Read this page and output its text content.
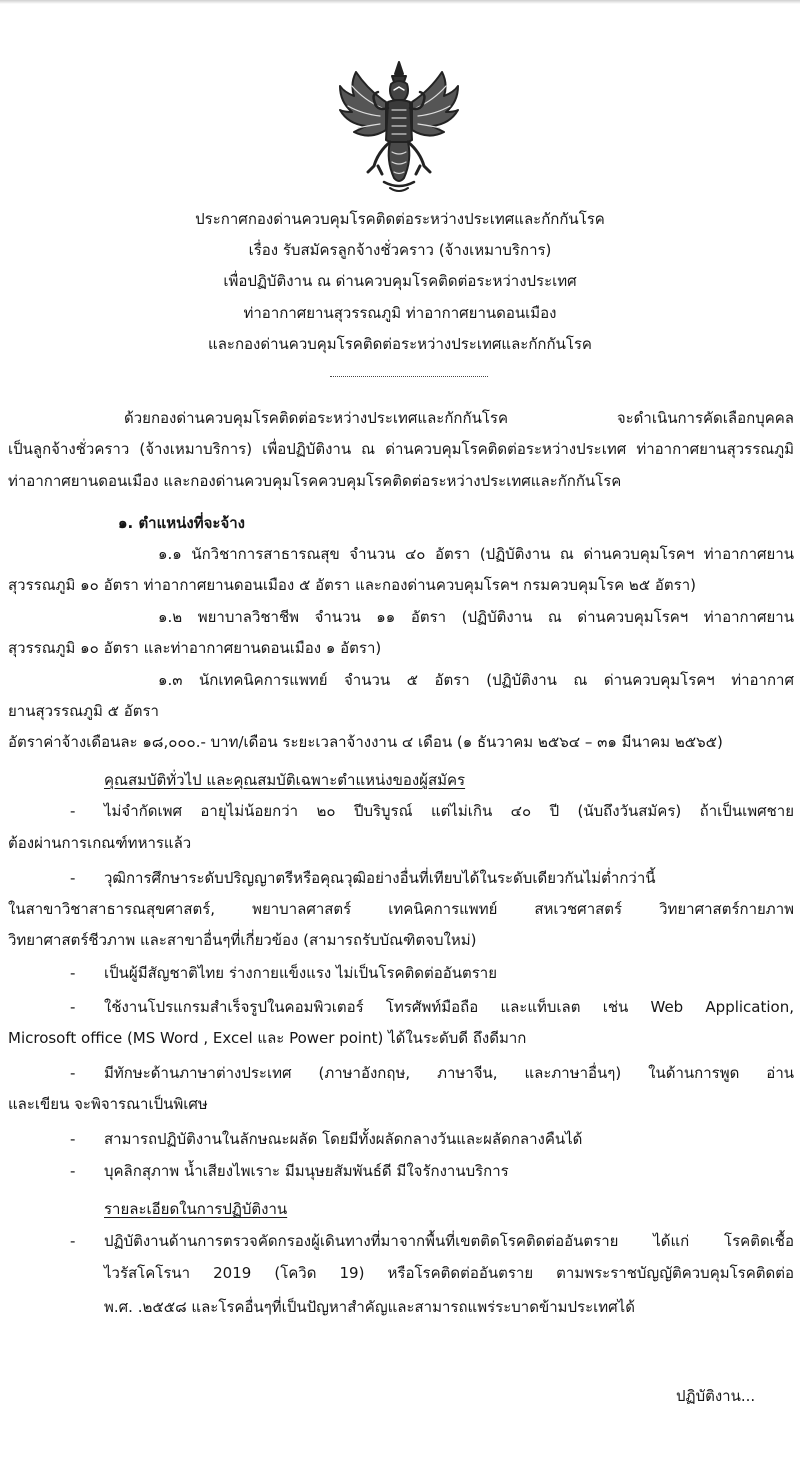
ประกาศกองด่านควบคุมโรคติดต่อระหว่างประเทศและกักกันโรค
เรื่อง รับสมัครลูกจ้างชั่วคราว (จ้างเหมาบริการ)
เพื่อปฏิบัติงาน ณ ด่านควบคุมโรคติดต่อระหว่างประเทศ
ท่าอากาศยานสุวรรณภูมิ ท่าอากาศยานดอนเมือง
และกองด่านควบคุมโรคติดต่อระหว่างประเทศและกักกันโรค
ด้วยกองด่านควบคุมโรคติดต่อระหว่างประเทศและกักกันโรค จะดำเนินการคัดเลือกบุคคล
เป็นลูกจ้างชั่วคราว (จ้างเหมาบริการ) เพื่อปฏิบัติงาน ณ ด่านควบคุมโรคติดต่อระหว่างประเทศ ท่าอากาศยานสุวรรณภูมิ
ท่าอากาศยานดอนเมือง และกองด่านควบคุมโรคควบคุมโรคติดต่อระหว่างประเทศและกักกันโรค
๑. ตำแหน่งที่จะจ้าง
๑.๑ นักวิชาการสาธารณสุข จำนวน ๔๐ อัตรา (ปฏิบัติงาน ณ ด่านควบคุมโรคฯ ท่าอากาศยาน
สุวรรณภูมิ ๑๐ อัตรา ท่าอากาศยานดอนเมือง ๕ อัตรา และกองด่านควบคุมโรคฯ กรมควบคุมโรค ๒๕ อัตรา)
๑.๒ พยาบาลวิชาชีพ จำนวน ๑๑ อัตรา (ปฏิบัติงาน ณ ด่านควบคุมโรคฯ ท่าอากาศยาน
สุวรรณภูมิ ๑๐ อัตรา และท่าอากาศยานดอนเมือง ๑ อัตรา)
๑.๓ นักเทคนิคการแพทย์ จำนวน ๕ อัตรา (ปฏิบัติงาน ณ ด่านควบคุมโรคฯ ท่าอากาศ
ยานสุวรรณภูมิ ๕ อัตรา
อัตราค่าจ้างเดือนละ ๑๘,๐๐๐.- บาท/เดือน ระยะเวลาจ้างงาน ๔ เดือน (๑ ธันวาคม ๒๕๖๔ – ๓๑ มีนาคม ๒๕๖๕)
คุณสมบัติทั่วไป และคุณสมบัติเฉพาะตำแหน่งของผู้สมัคร
- ไม่จำกัดเพศ อายุไม่น้อยกว่า ๒๐ ปีบริบูรณ์ แต่ไม่เกิน ๔๐ ปี (นับถึงวันสมัคร) ถ้าเป็นเพศชาย
ต้องผ่านการเกณฑ์ทหารแล้ว
- วุฒิการศึกษาระดับปริญญาตรีหรือคุณวุฒิอย่างอื่นที่เทียบได้ในระดับเดียวกันไม่ต่ำกว่านี้
ในสาขาวิชาสาธารณสุขศาสตร์, พยาบาลศาสตร์ เทคนิคการแพทย์ สหเวชศาสตร์ วิทยาศาสตร์กายภาพ
วิทยาศาสตร์ชีวภาพ และสาขาอื่นๆที่เกี่ยวข้อง (สามารถรับบัณฑิตจบใหม่)
- เป็นผู้มีสัญชาติไทย ร่างกายแข็งแรง ไม่เป็นโรคติดต่ออันตราย
- ใช้งานโปรแกรมสำเร็จรูปในคอมพิวเตอร์ โทรศัพท์มือถือ และแท็บเลต เช่น Web Application,
Microsoft office (MS Word , Excel และ Power point) ได้ในระดับดี ถึงดีมาก
- มีทักษะด้านภาษาต่างประเทศ (ภาษาอังกฤษ, ภาษาจีน, และภาษาอื่นๆ) ในด้านการพูด อ่าน
และเขียน จะพิจารณาเป็นพิเศษ
- สามารถปฏิบัติงานในลักษณะผลัด โดยมีทั้งผลัดกลางวันและผลัดกลางคืนได้
- บุคลิกสุภาพ น้ำเสียงไพเราะ มีมนุษยสัมพันธ์ดี มีใจรักงานบริการ
รายละเอียดในการปฏิบัติงาน
- ปฏิบัติงานด้านการตรวจคัดกรองผู้เดินทางที่มาจากพื้นที่เขตติดโรคติดต่ออันตราย ได้แก่ โรคติดเชื้อ
ไวรัสโคโรนา 2019 (โควิด 19) หรือโรคติดต่ออันตราย ตามพระราชบัญญัติควบคุมโรคติดต่อ
พ.ศ. .๒๕๕๘ และโรคอื่นๆที่เป็นปัญหาสำคัญและสามารถแพร่ระบาดข้ามประเทศได้
ปฏิบัติงาน...
